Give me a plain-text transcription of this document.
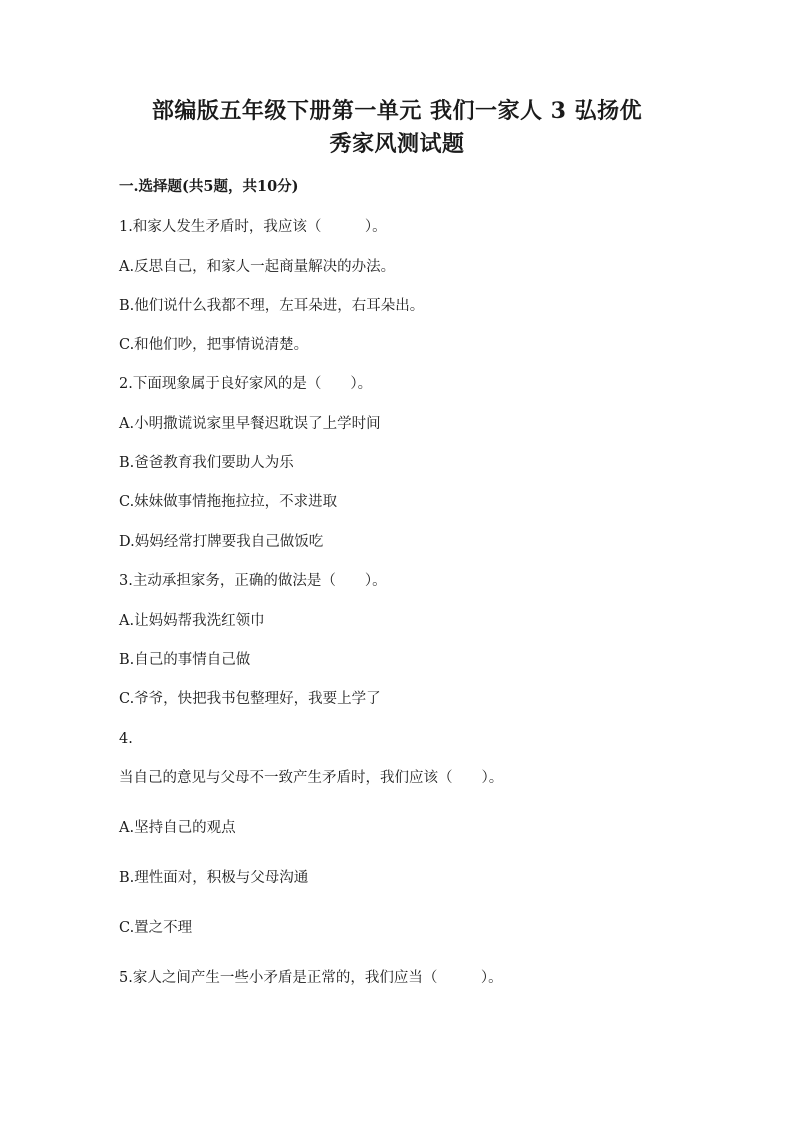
部编版五年级下册第一单元 我们一家人 3 弘扬优
秀家风测试题

一.选择题(共5题，共10分)

1.和家人发生矛盾时，我应该（　　　）。

A.反思自己，和家人一起商量解决的办法。

B.他们说什么我都不理，左耳朵进，右耳朵出。

C.和他们吵，把事情说清楚。

2.下面现象属于良好家风的是（　　）。

A.小明撒谎说家里早餐迟耽误了上学时间

B.爸爸教育我们要助人为乐

C.妹妹做事情拖拖拉拉，不求进取

D.妈妈经常打牌要我自己做饭吃

3.主动承担家务，正确的做法是（　　）。

A.让妈妈帮我洗红领巾

B.自己的事情自己做

C.爷爷，快把我书包整理好，我要上学了

4.

当自己的意见与父母不一致产生矛盾时，我们应该（　　）。

A.坚持自己的观点

B.理性面对，积极与父母沟通

C.置之不理

5.家人之间产生一些小矛盾是正常的，我们应当（　　　）。
